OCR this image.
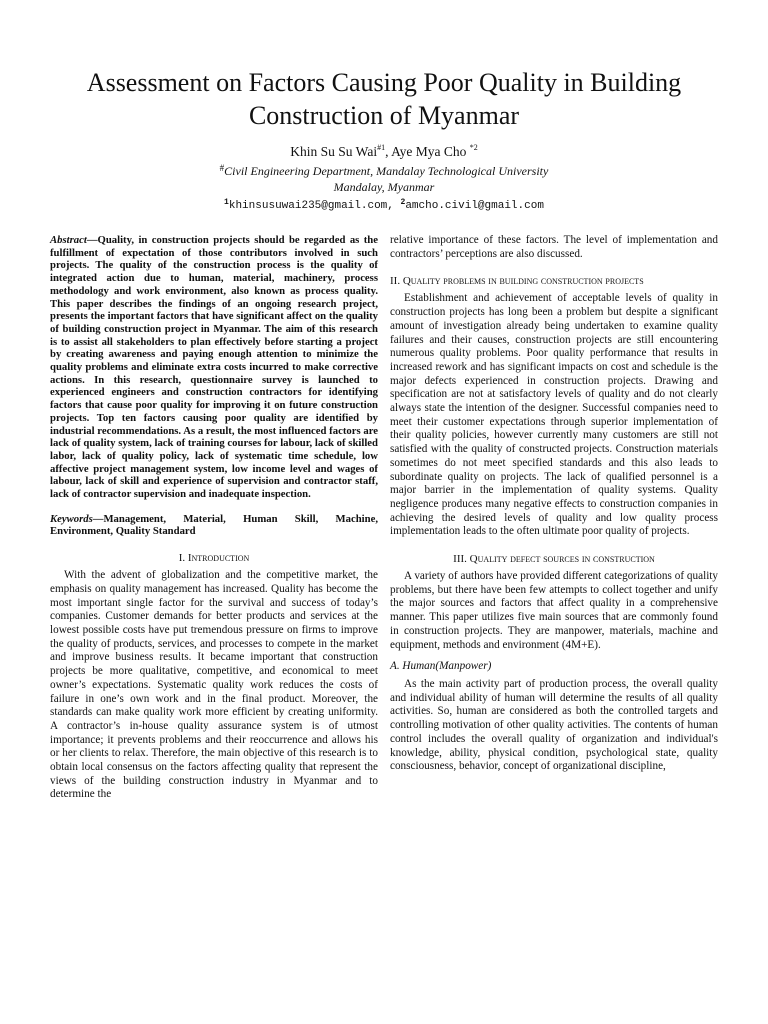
Assessment on Factors Causing Poor Quality in Building Construction of Myanmar
Khin Su Su Wai$^{\#1}$, Aye Mya Cho $^{*2}$
#Civil Engineering Department, Mandalay Technological University
Mandalay, Myanmar
$^1$khinsusuwai235@gmail.com, $^2$amcho.civil@gmail.com

Abstract—Quality, in construction projects should be regarded as the fulfillment of expectation of those contributors involved in such projects. The quality of the construction process is the quality of integrated action due to human, material, machinery, process methodology and work environment, also known as process quality. This paper describes the findings of an ongoing research project, presents the important factors that have significant affect on the quality of building construction project in Myanmar. The aim of this research is to assist all stakeholders to plan effectively before starting a project by creating awareness and paying enough attention to minimize the quality problems and eliminate extra costs incurred to make corrective actions. In this research, questionnaire survey is launched to experienced engineers and construction contractors for identifying factors that cause poor quality for improving it on future construction projects. Top ten factors causing poor quality are identified by industrial recommendations. As a result, the most influenced factors are lack of quality system, lack of training courses for labour, lack of skilled labor, lack of quality policy, lack of systematic time schedule, low affective project management system, low income level and wages of labour, lack of skill and experience of supervision and contractor staff, lack of contractor supervision and inadequate inspection.

Keywords—Management, Material, Human Skill, Machine, Environment, Quality Standard

I. Introduction

With the advent of globalization and the competitive market, the emphasis on quality management has increased. Quality has become the most important single factor for the survival and success of today’s companies. Customer demands for better products and services at the lowest possible costs have put tremendous pressure on firms to improve the quality of products, services, and processes to compete in the market and improve business results. It became important that construction projects be more qualitative, competitive, and economical to meet owner’s expectations. Systematic quality work reduces the costs of failure in one’s own work and in the final product. Moreover, the standards can make quality work more efficient by creating uniformity. A contractor’s in-house quality assurance system is of utmost importance; it prevents problems and their reoccurrence and allows his or her clients to relax. Therefore, the main objective of this research is to obtain local consensus on the factors affecting quality that represent the views of the building construction industry in Myanmar and to determine the

relative importance of these factors. The level of implementation and contractors’ perceptions are also discussed.

II. Quality problems in building construction projects

Establishment and achievement of acceptable levels of quality in construction projects has long been a problem but despite a significant amount of investigation already being undertaken to examine quality failures and their causes, construction projects are still encountering numerous quality problems. Poor quality performance that results in increased rework and has significant impacts on cost and schedule is the major defects experienced in construction projects. Drawing and specification are not at satisfactory levels of quality and do not clearly always state the intention of the designer. Successful companies need to meet their customer expectations through superior implementation of their quality policies, however currently many customers are still not satisfied with the quality of constructed projects. Construction materials sometimes do not meet specified standards and this also leads to subordinate quality on projects. The lack of qualified personnel is a major barrier in the implementation of quality systems. Quality negligence produces many negative effects to construction companies in achieving the desired levels of quality and low quality process implementation leads to the often ultimate poor quality of projects.

III. Quality defect sources in construction

A variety of authors have provided different categorizations of quality problems, but there have been few attempts to collect together and unify the major sources and factors that affect quality in a comprehensive manner. This paper utilizes five main sources that are commonly found in construction projects. They are manpower, materials, machine and equipment, methods and environment (4M+E).

A. Human(Manpower)

As the main activity part of production process, the overall quality and individual ability of human will determine the results of all quality activities. So, human are considered as both the controlled targets and controlling motivation of other quality activities. The contents of human control includes the overall quality of organization and individual's knowledge, ability, physical condition, psychological state, quality consciousness, behavior, concept of organizational discipline,
